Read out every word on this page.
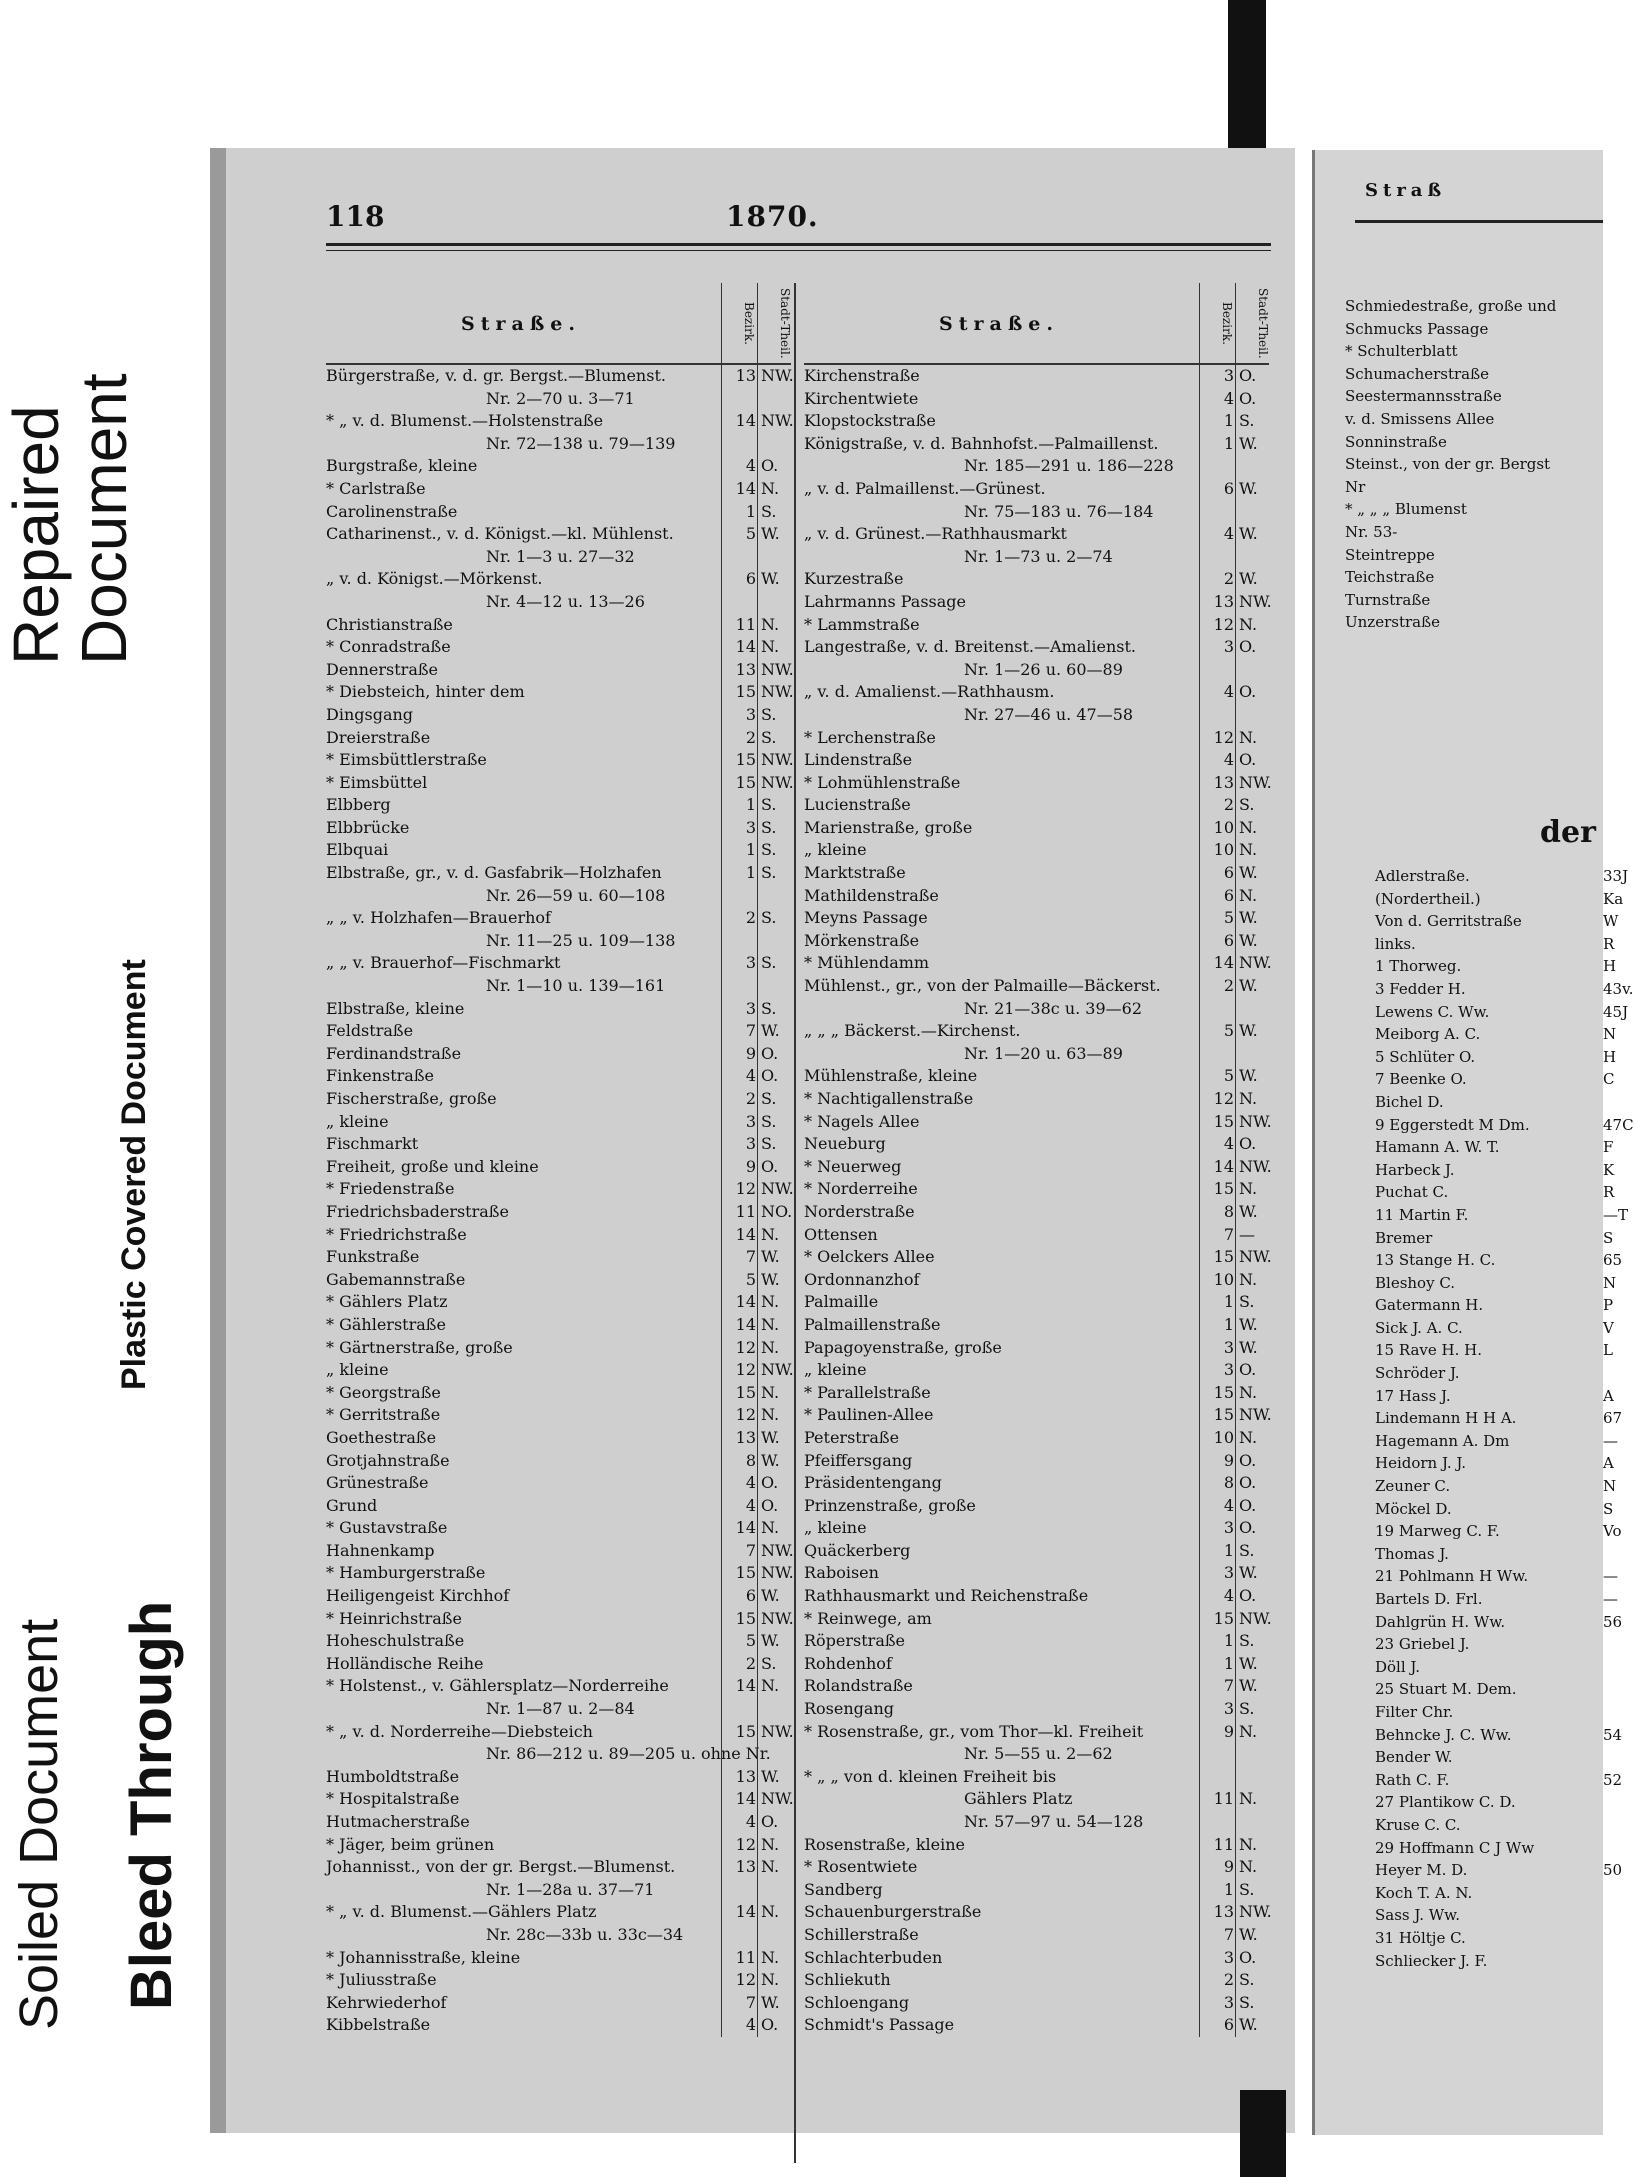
Repaired Document
Plastic Covered Document
Soiled Document Bleed Through
118	1870.
Straße.	Bezirk.	Stadt-Theil.
Bürgerstraße, v. d. gr. Bergst.—Blumenst.	13 NW.
Nr. 2—70 u. 3—71
* „ v. d. Blumenst.—Holstenstraße	14 NW.
Nr. 72—138 u. 79—139
Burgstraße, kleine	4 O.
* Carlstraße	14 N.
Carolinenstraße	1 S.
Catharinenst., v. d. Königst.—kl. Mühlenst.	5 W.
Nr. 1—3 u. 27—32
„ v. d. Königst.—Mörkenst.	6 W.
Nr. 4—12 u. 13—26
Christianstraße	11 N.
* Conradstraße	14 N.
Dennerstraße	13 NW.
* Diebsteich, hinter dem	15 NW.
Dingsgang	3 S.
Dreierstraße	2 S.
* Eimsbüttlerstraße	15 NW.
* Eimsbüttel	15 NW.
Elbberg	1 S.
Elbbrücke	3 S.
Elbquai	1 S.
Elbstraße, gr., v. d. Gasfabrik—Holzhafen	1 S.
Nr. 26—59 u. 60—108
„ „ v. Holzhafen—Brauerhof	2 S.
Nr. 11—25 u. 109—138
„ „ v. Brauerhof—Fischmarkt	3 S.
Nr. 1—10 u. 139—161
Elbstraße, kleine	3 S.
Feldstraße	7 W.
Ferdinandstraße	9 O.
Finkenstraße	4 O.
Fischerstraße, große	2 S.
„ kleine	3 S.
Fischmarkt	3 S.
Freiheit, große und kleine	9 O.
* Friedenstraße	12 NW.
Friedrichsbaderstraße	11 NO.
* Friedrichstraße	14 N.
Funkstraße	7 W.
Gabemannstraße	5 W.
* Gählers Platz	14 N.
* Gählerstraße	14 N.
* Gärtnerstraße, große	12 N.
„ kleine	12 NW.
* Georgstraße	15 N.
* Gerritstraße	12 N.
Goethestraße	13 W.
Grotjahnstraße	8 W.
Grünestraße	4 O.
Grund	4 O.
* Gustavstraße	14 N.
Hahnenkamp	7 NW.
* Hamburgerstraße	15 NW.
Heiligengeist Kirchhof	6 W.
* Heinrichstraße	15 NW.
Hoheschulstraße	5 W.
Holländische Reihe	2 S.
* Holstenst., v. Gählersplatz—Norderreihe	14 N.
Nr. 1—87 u. 2—84
* „ v. d. Norderreihe—Diebsteich	15 NW.
Nr. 86—212 u. 89—205 u. ohne Nr.
Humboldtstraße	13 W.
* Hospitalstraße	14 NW.
Hutmacherstraße	4 O.
* Jäger, beim grünen	12 N.
Johannisst., von der gr. Bergst.—Blumenst.	13 N.
Nr. 1—28a u. 37—71
* „ v. d. Blumenst.—Gählers Platz	14 N.
Nr. 28c—33b u. 33c—34
* Johannisstraße, kleine	11 N.
* Juliusstraße	12 N.
Kehrwiederhof	7 W.
Kibbelstraße	4 O.
Straße.	Bezirk.	Stadt-Theil.
Kirchenstraße	3 O.
Kirchentwiete	4 O.
Klopstockstraße	1 S.
Königstraße, v. d. Bahnhofst.—Palmaillenst.	1 W.
Nr. 185—291 u. 186—228
„ v. d. Palmaillenst.—Grünest.	6 W.
Nr. 75—183 u. 76—184
„ v. d. Grünest.—Rathhausmarkt	4 W.
Nr. 1—73 u. 2—74
Kurzestraße	2 W.
Lahrmanns Passage	13 NW.
* Lammstraße	12 N.
Langestraße, v. d. Breitenst.—Amalienst.	3 O.
Nr. 1—26 u. 60—89
„ v. d. Amalienst.—Rathhausm.	4 O.
Nr. 27—46 u. 47—58
* Lerchenstraße	12 N.
Lindenstraße	4 O.
* Lohmühlenstraße	13 NW.
Lucienstraße	2 S.
Marienstraße, große	10 N.
„ kleine	10 N.
Marktstraße	6 W.
Mathildenstraße	6 N.
Meyns Passage	5 W.
Mörkenstraße	6 W.
* Mühlendamm	14 NW.
Mühlenst., gr., von der Palmaille—Bäckerst.	2 W.
Nr. 21—38c u. 39—62
„ „ „ Bäckerst.—Kirchenst.	5 W.
Nr. 1—20 u. 63—89
Mühlenstraße, kleine	5 W.
* Nachtigallenstraße	12 N.
* Nagels Allee	15 NW.
Neueburg	4 O.
* Neuerweg	14 NW.
* Norderreihe	15 N.
Norderstraße	8 W.
Ottensen	7 —
* Oelckers Allee	15 NW.
Ordonnanzhof	10 N.
Palmaille	1 S.
Palmaillenstraße	1 W.
Papagoyenstraße, große	3 W.
„ kleine	3 O.
* Parallelstraße	15 N.
* Paulinen-Allee	15 NW.
Peterstraße	10 N.
Pfeiffersgang	9 O.
Präsidentengang	8 O.
Prinzenstraße, große	4 O.
„ kleine	3 O.
Quäckerberg	1 S.
Raboisen	3 W.
Rathhausmarkt und Reichenstraße	4 O.
* Reinwege, am	15 NW.
Röperstraße	1 S.
Rohdenhof	1 W.
Rolandstraße	7 W.
Rosengang	3 S.
* Rosenstraße, gr., vom Thor—kl. Freiheit	9 N.
Nr. 5—55 u. 2—62
* „ „ von d. kleinen Freiheit bis
Gählers Platz	11 N.
Nr. 57—97 u. 54—128
Rosenstraße, kleine	11 N.
* Rosentwiete	9 N.
Sandberg	1 S.
Schauenburgerstraße	13 NW.
Schillerstraße	7 W.
Schlachterbuden	3 O.
Schliekuth	2 S.
Schloengang	3 S.
Schmidt's Passage	6 W.
Straß
Schmiedestraße, große und
Schmucks Passage
* Schulterblatt
Schumacherstraße
Seestermannsstraße
v. d. Smissens Allee
Sonninstraße
Steinst., von der gr. Bergst
Nr
* „ „ „ Blumenst
Nr. 53-
Steintreppe
Teichstraße
Turnstraße
Unzerstraße
der
Adlerstraße.	33J
(Nordertheil.)	Ka
Von d. Gerritstraße	W
links.	R
1 Thorweg.	H
3 Fedder H.	43v.
Lewens C. Ww.	45J
Meiborg A. C.	N
5 Schlüter O.	H
7 Beenke O.	C
Bichel D.
9 Eggerstedt M Dm.	47C
Hamann A. W. T.	F
Harbeck J.	K
Puchat C.	R
11 Martin F.	—T
Bremer	S
13 Stange H. C.	65
Bleshoy C.	N
Gatermann H.	P
Sick J. A. C.	V
15 Rave H. H.	L
Schröder J.
17 Hass J.	A
Lindemann H H A.	67
Hagemann A. Dm	—
Heidorn J. J.	A
Zeuner C.	N
Möckel D.	S
19 Marweg C. F.	Vo
Thomas J.
21 Pohlmann H Ww.	—
Bartels D. Frl.	—
Dahlgrün H. Ww.	56
23 Griebel J.
Döll J.
25 Stuart M. Dem.
Filter Chr.
Behncke J. C. Ww.	54
Bender W.
Rath C. F.	52
27 Plantikow C. D.
Kruse C. C.
29 Hoffmann C J Ww
Heyer M. D.	50
Koch T. A. N.
Sass J. Ww.
31 Höltje C.
Schliecker J. F.
